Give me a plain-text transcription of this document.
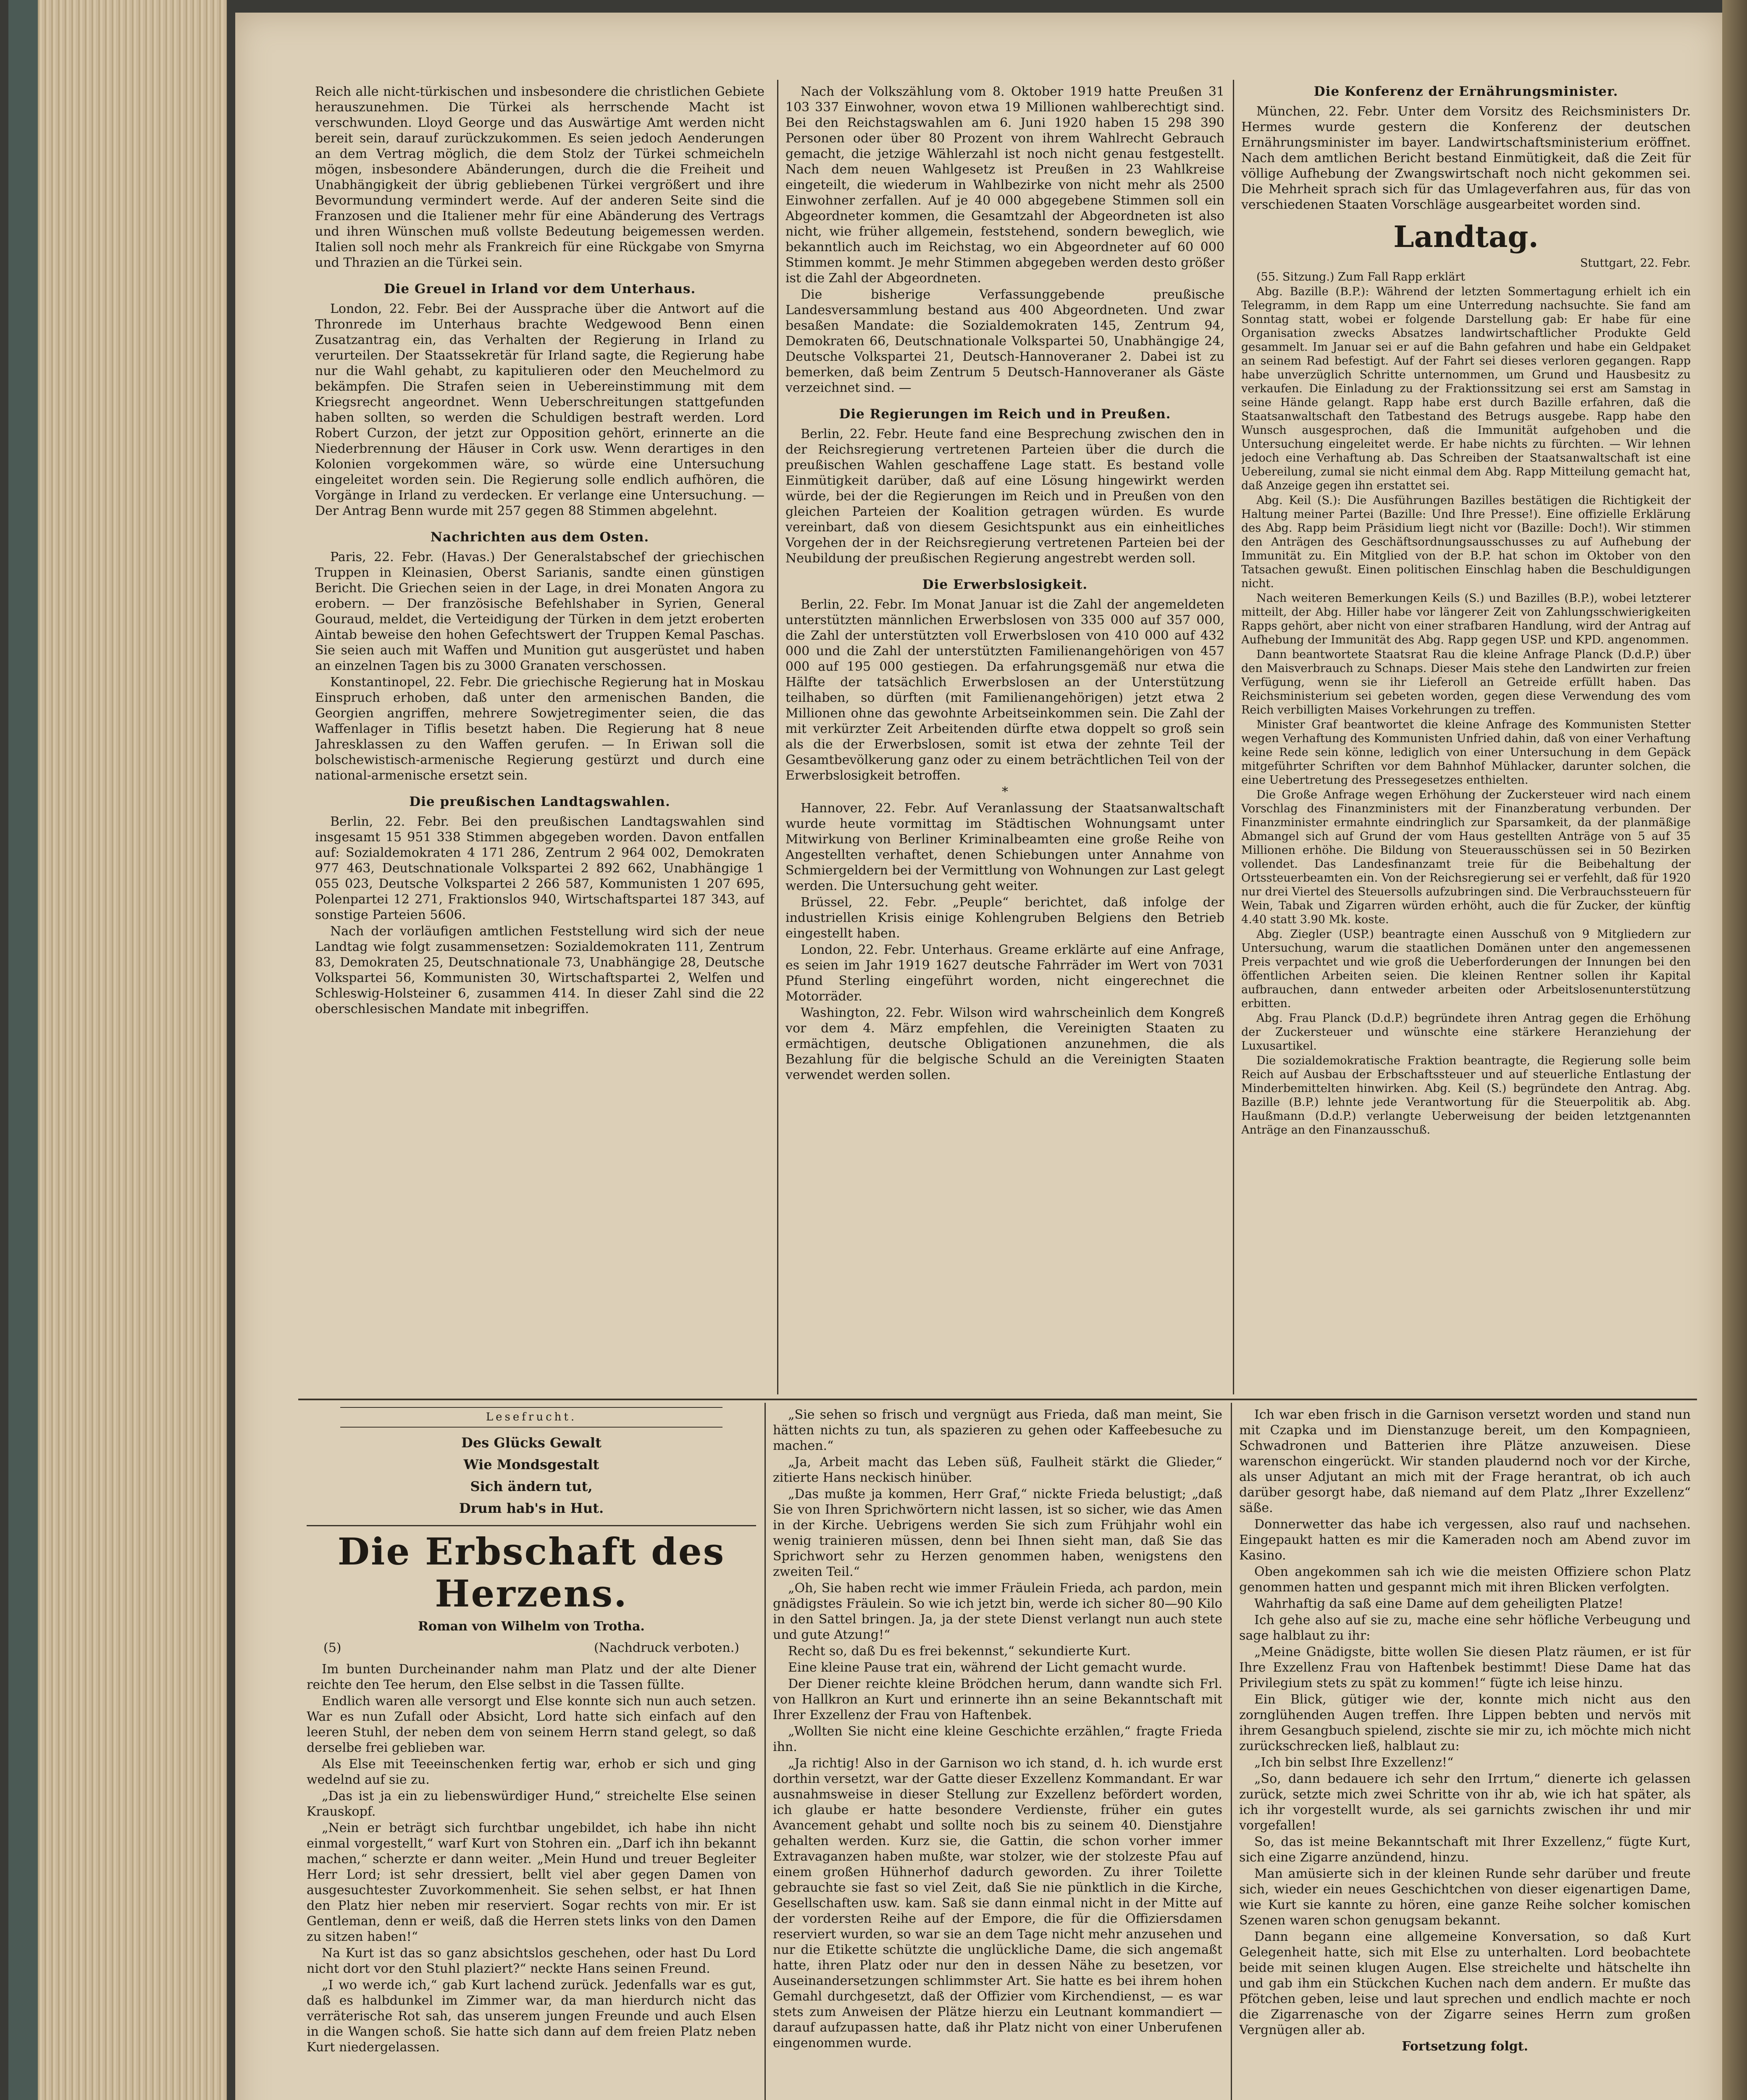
Reich alle nicht-türkischen und insbesondere die christlichen Gebiete herauszunehmen. Die Türkei als herrschende Macht ist verschwunden. Lloyd George und das Auswärtige Amt werden nicht bereit sein, darauf zurückzukommen. Es seien jedoch Aenderungen an dem Vertrag möglich, die dem Stolz der Türkei schmeicheln mögen, insbesondere Abänderungen, durch die die Freiheit und Unabhängigkeit der übrig gebliebenen Türkei vergrößert und ihre Bevormundung vermindert werde. Auf der anderen Seite sind die Franzosen und die Italiener mehr für eine Abänderung des Vertrags und ihren Wünschen muß vollste Bedeutung beigemessen werden. Italien soll noch mehr als Frankreich für eine Rückgabe von Smyrna und Thrazien an die Türkei sein.

Die Greuel in Irland vor dem Unterhaus.

London, 22. Febr. Bei der Aussprache über die Antwort auf die Thronrede im Unterhaus brachte Wedgewood Benn einen Zusatzantrag ein, das Verhalten der Regierung in Irland zu verurteilen. Der Staatssekretär für Irland sagte, die Regierung habe nur die Wahl gehabt, zu kapitulieren oder den Meuchelmord zu bekämpfen. Die Strafen seien in Uebereinstimmung mit dem Kriegsrecht angeordnet. Wenn Ueberschreitungen stattgefunden haben sollten, so werden die Schuldigen bestraft werden. Lord Robert Curzon, der jetzt zur Opposition gehört, erinnerte an die Niederbrennung der Häuser in Cork usw. Wenn derartiges in den Kolonien vorgekommen wäre, so würde eine Untersuchung eingeleitet worden sein. Die Regierung solle endlich aufhören, die Vorgänge in Irland zu verdecken. Er verlange eine Untersuchung. — Der Antrag Benn wurde mit 257 gegen 88 Stimmen abgelehnt.

Nachrichten aus dem Osten.

Paris, 22. Febr. (Havas.) Der Generalstabschef der griechischen Truppen in Kleinasien, Oberst Sarianis, sandte einen günstigen Bericht. Die Griechen seien in der Lage, in drei Monaten Angora zu erobern. — Der französische Befehlshaber in Syrien, General Gouraud, meldet, die Verteidigung der Türken in dem jetzt eroberten Aintab beweise den hohen Gefechtswert der Truppen Kemal Paschas. Sie seien auch mit Waffen und Munition gut ausgerüstet und haben an einzelnen Tagen bis zu 3000 Granaten verschossen.

Konstantinopel, 22. Febr. Die griechische Regierung hat in Moskau Einspruch erhoben, daß unter den armenischen Banden, die Georgien angriffen, mehrere Sowjetregimenter seien, die das Waffenlager in Tiflis besetzt haben. Die Regierung hat 8 neue Jahresklassen zu den Waffen gerufen. — In Eriwan soll die bolschewistisch-armenische Regierung gestürzt und durch eine national-armenische ersetzt sein.

Die preußischen Landtagswahlen.

Berlin, 22. Febr. Bei den preußischen Landtagswahlen sind insgesamt 15 951 338 Stimmen abgegeben worden. Davon entfallen auf: Sozialdemokraten 4 171 286, Zentrum 2 964 002, Demokraten 977 463, Deutschnationale Volkspartei 2 892 662, Unabhängige 1 055 023, Deutsche Volkspartei 2 266 587, Kommunisten 1 207 695, Polenpartei 12 271, Fraktionslos 940, Wirtschaftspartei 187 343, auf sonstige Parteien 5606.

Nach der vorläufigen amtlichen Feststellung wird sich der neue Landtag wie folgt zusammensetzen: Sozialdemokraten 111, Zentrum 83, Demokraten 25, Deutschnationale 73, Unabhängige 28, Deutsche Volkspartei 56, Kommunisten 30, Wirtschaftspartei 2, Welfen und Schleswig-Holsteiner 6, zusammen 414. In dieser Zahl sind die 22 oberschlesischen Mandate mit inbegriffen.

Nach der Volkszählung vom 8. Oktober 1919 hatte Preußen 31 103 337 Einwohner, wovon etwa 19 Millionen wahlberechtigt sind. Bei den Reichstagswahlen am 6. Juni 1920 haben 15 298 390 Personen oder über 80 Prozent von ihrem Wahlrecht Gebrauch gemacht, die jetzige Wählerzahl ist noch nicht genau festgestellt. Nach dem neuen Wahlgesetz ist Preußen in 23 Wahlkreise eingeteilt, die wiederum in Wahlbezirke von nicht mehr als 2500 Einwohner zerfallen. Auf je 40 000 abgegebene Stimmen soll ein Abgeordneter kommen, die Gesamtzahl der Abgeordneten ist also nicht, wie früher allgemein, feststehend, sondern beweglich, wie bekanntlich auch im Reichstag, wo ein Abgeordneter auf 60 000 Stimmen kommt. Je mehr Stimmen abgegeben werden desto größer ist die Zahl der Abgeordneten.

Die bisherige Verfassunggebende preußische Landesversammlung bestand aus 400 Abgeordneten. Und zwar besaßen Mandate: die Sozialdemokraten 145, Zentrum 94, Demokraten 66, Deutschnationale Volkspartei 50, Unabhängige 24, Deutsche Volkspartei 21, Deutsch-Hannoveraner 2. Dabei ist zu bemerken, daß beim Zentrum 5 Deutsch-Hannoveraner als Gäste verzeichnet sind. —

Die Regierungen im Reich und in Preußen.

Berlin, 22. Febr. Heute fand eine Besprechung zwischen den in der Reichsregierung vertretenen Parteien über die durch die preußischen Wahlen geschaffene Lage statt. Es bestand volle Einmütigkeit darüber, daß auf eine Lösung hingewirkt werden würde, bei der die Regierungen im Reich und in Preußen von den gleichen Parteien der Koalition getragen würden. Es wurde vereinbart, daß von diesem Gesichtspunkt aus ein einheitliches Vorgehen der in der Reichsregierung vertretenen Parteien bei der Neubildung der preußischen Regierung angestrebt werden soll.

Die Erwerbslosigkeit.

Berlin, 22. Febr. Im Monat Januar ist die Zahl der angemeldeten unterstützten männlichen Erwerbslosen von 335 000 auf 357 000, die Zahl der unterstützten voll Erwerbslosen von 410 000 auf 432 000 und die Zahl der unterstützten Familienangehörigen von 457 000 auf 195 000 gestiegen. Da erfahrungsgemäß nur etwa die Hälfte der tatsächlich Erwerbslosen an der Unterstützung teilhaben, so dürften (mit Familienangehörigen) jetzt etwa 2 Millionen ohne das gewohnte Arbeitseinkommen sein. Die Zahl der mit verkürzter Zeit Arbeitenden dürfte etwa doppelt so groß sein als die der Erwerbslosen, somit ist etwa der zehnte Teil der Gesamtbevölkerung ganz oder zu einem beträchtlichen Teil von der Erwerbslosigkeit betroffen.

*

Hannover, 22. Febr. Auf Veranlassung der Staatsanwaltschaft wurde heute vormittag im Städtischen Wohnungsamt unter Mitwirkung von Berliner Kriminalbeamten eine große Reihe von Angestellten verhaftet, denen Schiebungen unter Annahme von Schmiergeldern bei der Vermittlung von Wohnungen zur Last gelegt werden. Die Untersuchung geht weiter.

Brüssel, 22. Febr. „Peuple“ berichtet, daß infolge der industriellen Krisis einige Kohlengruben Belgiens den Betrieb eingestellt haben.

London, 22. Febr. Unterhaus. Greame erklärte auf eine Anfrage, es seien im Jahr 1919 1627 deutsche Fahrräder im Wert von 7031 Pfund Sterling eingeführt worden, nicht eingerechnet die Motorräder.

Washington, 22. Febr. Wilson wird wahrscheinlich dem Kongreß vor dem 4. März empfehlen, die Vereinigten Staaten zu ermächtigen, deutsche Obligationen anzunehmen, die als Bezahlung für die belgische Schuld an die Vereinigten Staaten verwendet werden sollen.

Die Konferenz der Ernährungsminister.

München, 22. Febr. Unter dem Vorsitz des Reichsministers Dr. Hermes wurde gestern die Konferenz der deutschen Ernährungsminister im bayer. Landwirtschaftsministerium eröffnet. Nach dem amtlichen Bericht bestand Einmütigkeit, daß die Zeit für völlige Aufhebung der Zwangswirtschaft noch nicht gekommen sei. Die Mehrheit sprach sich für das Umlageverfahren aus, für das von verschiedenen Staaten Vorschläge ausgearbeitet worden sind.

Landtag.
Stuttgart, 22. Febr.

(55. Sitzung.) Zum Fall Rapp erklärt

Abg. Bazille (B.P.): Während der letzten Sommertagung erhielt ich ein Telegramm, in dem Rapp um eine Unterredung nachsuchte. Sie fand am Sonntag statt, wobei er folgende Darstellung gab: Er habe für eine Organisation zwecks Absatzes landwirtschaftlicher Produkte Geld gesammelt. Im Januar sei er auf die Bahn gefahren und habe ein Geldpaket an seinem Rad befestigt. Auf der Fahrt sei dieses verloren gegangen. Rapp habe unverzüglich Schritte unternommen, um Grund und Hausbesitz zu verkaufen. Die Einladung zu der Fraktionssitzung sei erst am Samstag in seine Hände gelangt. Rapp habe erst durch Bazille erfahren, daß die Staatsanwaltschaft den Tatbestand des Betrugs ausgebe. Rapp habe den Wunsch ausgesprochen, daß die Immunität aufgehoben und die Untersuchung eingeleitet werde. Er habe nichts zu fürchten. — Wir lehnen jedoch eine Verhaftung ab. Das Schreiben der Staatsanwaltschaft ist eine Uebereilung, zumal sie nicht einmal dem Abg. Rapp Mitteilung gemacht hat, daß Anzeige gegen ihn erstattet sei.

Abg. Keil (S.): Die Ausführungen Bazilles bestätigen die Richtigkeit der Haltung meiner Partei (Bazille: Und Ihre Presse!). Eine offizielle Erklärung des Abg. Rapp beim Präsidium liegt nicht vor (Bazille: Doch!). Wir stimmen den Anträgen des Geschäftsordnungsausschusses zu auf Aufhebung der Immunität zu. Ein Mitglied von der B.P. hat schon im Oktober von den Tatsachen gewußt. Einen politischen Einschlag haben die Beschuldigungen nicht.

Nach weiteren Bemerkungen Keils (S.) und Bazilles (B.P.), wobei letzterer mitteilt, der Abg. Hiller habe vor längerer Zeit von Zahlungsschwierigkeiten Rapps gehört, aber nicht von einer strafbaren Handlung, wird der Antrag auf Aufhebung der Immunität des Abg. Rapp gegen USP. und KPD. angenommen.

Dann beantwortete Staatsrat Rau die kleine Anfrage Planck (D.d.P.) über den Maisverbrauch zu Schnaps. Dieser Mais stehe den Landwirten zur freien Verfügung, wenn sie ihr Lieferoll an Getreide erfüllt haben. Das Reichsministerium sei gebeten worden, gegen diese Verwendung des vom Reich verbilligten Maises Vorkehrungen zu treffen.

Minister Graf beantwortet die kleine Anfrage des Kommunisten Stetter wegen Verhaftung des Kommunisten Unfried dahin, daß von einer Verhaftung keine Rede sein könne, lediglich von einer Untersuchung in dem Gepäck mitgeführter Schriften vor dem Bahnhof Mühlacker, darunter solchen, die eine Uebertretung des Pressegesetzes enthielten.

Die Große Anfrage wegen Erhöhung der Zuckersteuer wird nach einem Vorschlag des Finanzministers mit der Finanzberatung verbunden. Der Finanzminister ermahnte eindringlich zur Sparsamkeit, da der planmäßige Abmangel sich auf Grund der vom Haus gestellten Anträge von 5 auf 35 Millionen erhöhe. Die Bildung von Steuerausschüssen sei in 50 Bezirken vollendet. Das Landesfinanzamt treie für die Beibehaltung der Ortssteuerbeamten ein. Von der Reichsregierung sei er verfehlt, daß für 1920 nur drei Viertel des Steuersolls aufzubringen sind. Die Verbrauchssteuern für Wein, Tabak und Zigarren würden erhöht, auch die für Zucker, der künftig 4.40 statt 3.90 Mk. koste.

Abg. Ziegler (USP.) beantragte einen Ausschuß von 9 Mitgliedern zur Untersuchung, warum die staatlichen Domänen unter den angemessenen Preis verpachtet und wie groß die Ueberforderungen der Innungen bei den öffentlichen Arbeiten seien. Die kleinen Rentner sollen ihr Kapital aufbrauchen, dann entweder arbeiten oder Arbeitslosenunterstützung erbitten.

Abg. Frau Planck (D.d.P.) begründete ihren Antrag gegen die Erhöhung der Zuckersteuer und wünschte eine stärkere Heranziehung der Luxusartikel.

Die sozialdemokratische Fraktion beantragte, die Regierung solle beim Reich auf Ausbau der Erbschaftssteuer und auf steuerliche Entlastung der Minderbemittelten hinwirken. Abg. Keil (S.) begründete den Antrag. Abg. Bazille (B.P.) lehnte jede Verantwortung für die Steuerpolitik ab. Abg. Haußmann (D.d.P.) verlangte Ueberweisung der beiden letztgenannten Anträge an den Finanzausschuß.

Lesefrucht.
Des Glücks Gewalt
Wie Mondsgestalt
Sich ändern tut,
Drum hab's in Hut.
Die Erbschaft des Herzens.
Roman von Wilhelm von Trotha.
(5)	(Nachdruck verboten.)

Im bunten Durcheinander nahm man Platz und der alte Diener reichte den Tee herum, den Else selbst in die Tassen füllte.

Endlich waren alle versorgt und Else konnte sich nun auch setzen. War es nun Zufall oder Absicht, Lord hatte sich einfach auf den leeren Stuhl, der neben dem von seinem Herrn stand gelegt, so daß derselbe frei geblieben war.

Als Else mit Teeeinschenken fertig war, erhob er sich und ging wedelnd auf sie zu.

„Das ist ja ein zu liebenswürdiger Hund,“ streichelte Else seinen Krauskopf.

„Nein er beträgt sich furchtbar ungebildet, ich habe ihn nicht einmal vorgestellt,“ warf Kurt von Stohren ein. „Darf ich ihn bekannt machen,“ scherzte er dann weiter. „Mein Hund und treuer Begleiter Herr Lord; ist sehr dressiert, bellt viel aber gegen Damen von ausgesuchtester Zuvorkommenheit. Sie sehen selbst, er hat Ihnen den Platz hier neben mir reserviert. Sogar rechts von mir. Er ist Gentleman, denn er weiß, daß die Herren stets links von den Damen zu sitzen haben!“

Na Kurt ist das so ganz absichtslos geschehen, oder hast Du Lord nicht dort vor den Stuhl plaziert?“ neckte Hans seinen Freund.

„I wo werde ich,“ gab Kurt lachend zurück. Jedenfalls war es gut, daß es halbdunkel im Zimmer war, da man hierdurch nicht das verräterische Rot sah, das unserem jungen Freunde und auch Elsen in die Wangen schoß. Sie hatte sich dann auf dem freien Platz neben Kurt niedergelassen.

„Sie sehen so frisch und vergnügt aus Frieda, daß man meint, Sie hätten nichts zu tun, als spazieren zu gehen oder Kaffeebesuche zu machen.“

„Ja, Arbeit macht das Leben süß, Faulheit stärkt die Glieder,“ zitierte Hans neckisch hinüber.

„Das mußte ja kommen, Herr Graf,“ nickte Frieda belustigt; „daß Sie von Ihren Sprichwörtern nicht lassen, ist so sicher, wie das Amen in der Kirche. Uebrigens werden Sie sich zum Frühjahr wohl ein wenig trainieren müssen, denn bei Ihnen sieht man, daß Sie das Sprichwort sehr zu Herzen genommen haben, wenigstens den zweiten Teil.“

„Oh, Sie haben recht wie immer Fräulein Frieda, ach pardon, mein gnädigstes Fräulein. So wie ich jetzt bin, werde ich sicher 80—90 Kilo in den Sattel bringen. Ja, ja der stete Dienst verlangt nun auch stete und gute Atzung!“

Recht so, daß Du es frei bekennst,“ sekundierte Kurt.

Eine kleine Pause trat ein, während der Licht gemacht wurde.

Der Diener reichte kleine Brödchen herum, dann wandte sich Frl. von Hallkron an Kurt und erinnerte ihn an seine Bekanntschaft mit Ihrer Exzellenz der Frau von Haftenbek.

„Wollten Sie nicht eine kleine Geschichte erzählen,“ fragte Frieda ihn.

„Ja richtig! Also in der Garnison wo ich stand, d. h. ich wurde erst dorthin versetzt, war der Gatte dieser Exzellenz Kommandant. Er war ausnahmsweise in dieser Stellung zur Exzellenz befördert worden, ich glaube er hatte besondere Verdienste, früher ein gutes Avancement gehabt und sollte noch bis zu seinem 40. Dienstjahre gehalten werden. Kurz sie, die Gattin, die schon vorher immer Extravaganzen haben mußte, war stolzer, wie der stolzeste Pfau auf einem großen Hühnerhof dadurch geworden. Zu ihrer Toilette gebrauchte sie fast so viel Zeit, daß Sie nie pünktlich in die Kirche, Gesellschaften usw. kam. Saß sie dann einmal nicht in der Mitte auf der vordersten Reihe auf der Empore, die für die Offiziersdamen reserviert wurden, so war sie an dem Tage nicht mehr anzusehen und nur die Etikette schützte die unglückliche Dame, die sich angemaßt hatte, ihren Platz oder nur den in dessen Nähe zu besetzen, vor Auseinandersetzungen schlimmster Art. Sie hatte es bei ihrem hohen Gemahl durchgesetzt, daß der Offizier vom Kirchendienst, — es war stets zum Anweisen der Plätze hierzu ein Leutnant kommandiert — darauf aufzupassen hatte, daß ihr Platz nicht von einer Unberufenen eingenommen wurde.

Ich war eben frisch in die Garnison versetzt worden und stand nun mit Czapka und im Dienstanzuge bereit, um den Kompagnieen, Schwadronen und Batterien ihre Plätze anzuweisen. Diese warenschon eingerückt. Wir standen plaudernd noch vor der Kirche, als unser Adjutant an mich mit der Frage herantrat, ob ich auch darüber gesorgt habe, daß niemand auf dem Platz „Ihrer Exzellenz“ säße.

Donnerwetter das habe ich vergessen, also rauf und nachsehen. Eingepaukt hatten es mir die Kameraden noch am Abend zuvor im Kasino.

Oben angekommen sah ich wie die meisten Offiziere schon Platz genommen hatten und gespannt mich mit ihren Blicken verfolgten.

Wahrhaftig da saß eine Dame auf dem geheiligten Platze!

Ich gehe also auf sie zu, mache eine sehr höfliche Verbeugung und sage halblaut zu ihr:

„Meine Gnädigste, bitte wollen Sie diesen Platz räumen, er ist für Ihre Exzellenz Frau von Haftenbek bestimmt! Diese Dame hat das Privilegium stets zu spät zu kommen!“ fügte ich leise hinzu.

Ein Blick, gütiger wie der, konnte mich nicht aus den zornglühenden Augen treffen. Ihre Lippen bebten und nervös mit ihrem Gesangbuch spielend, zischte sie mir zu, ich möchte mich nicht zurückschrecken ließ, halblaut zu:

„Ich bin selbst Ihre Exzellenz!“

„So, dann bedauere ich sehr den Irrtum,“ dienerte ich gelassen zurück, setzte mich zwei Schritte von ihr ab, wie ich hat später, als ich ihr vorgestellt wurde, als sei garnichts zwischen ihr und mir vorgefallen!

So, das ist meine Bekanntschaft mit Ihrer Exzellenz,“ fügte Kurt, sich eine Zigarre anzündend, hinzu.

Man amüsierte sich in der kleinen Runde sehr darüber und freute sich, wieder ein neues Geschichtchen von dieser eigenartigen Dame, wie Kurt sie kannte zu hören, eine ganze Reihe solcher komischen Szenen waren schon genugsam bekannt.

Dann begann eine allgemeine Konversation, so daß Kurt Gelegenheit hatte, sich mit Else zu unterhalten. Lord beobachtete beide mit seinen klugen Augen. Else streichelte und hätschelte ihn und gab ihm ein Stückchen Kuchen nach dem andern. Er mußte das Pfötchen geben, leise und laut sprechen und endlich machte er noch die Zigarrenasche von der Zigarre seines Herrn zum großen Vergnügen aller ab.

Fortsetzung folgt.
